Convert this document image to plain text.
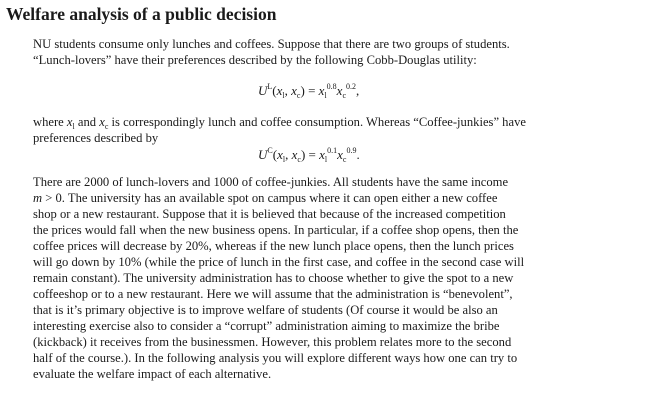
Welfare analysis of a public decision
NU students consume only lunches and coffees. Suppose that there are two groups of students.
“Lunch-lovers” have their preferences described by the following Cobb-Douglas utility:
$U^L(x_l$, $x_c) = x_l^{0.8}x_c^{0.2}$,
where $x_l$ and $x_c$ is correspondingly lunch and coffee consumption. Whereas “Coffee-junkies” have
preferences described by
$U^C(x_l$, $x_c) = x_l^{0.1}x_c^{0.9}$.
There are 2000 of lunch-lovers and 1000 of coffee-junkies. All students have the same income
m > 0. The university has an available spot on campus where it can open either a new coffee
shop or a new restaurant. Suppose that it is believed that because of the increased competition
the prices would fall when the new business opens. In particular, if a coffee shop opens, then the
coffee prices will decrease by 20%, whereas if the new lunch place opens, then the lunch prices
will go down by 10% (while the price of lunch in the first case, and coffee in the second case will
remain constant). The university administration has to choose whether to give the spot to a new
coffeeshop or to a new restaurant. Here we will assume that the administration is “benevolent”,
that is it’s primary objective is to improve welfare of students (Of course it would be also an
interesting exercise also to consider a “corrupt” administration aiming to maximize the bribe
(kickback) it receives from the businessmen. However, this problem relates more to the second
half of the course.). In the following analysis you will explore different ways how one can try to
evaluate the welfare impact of each alternative.
